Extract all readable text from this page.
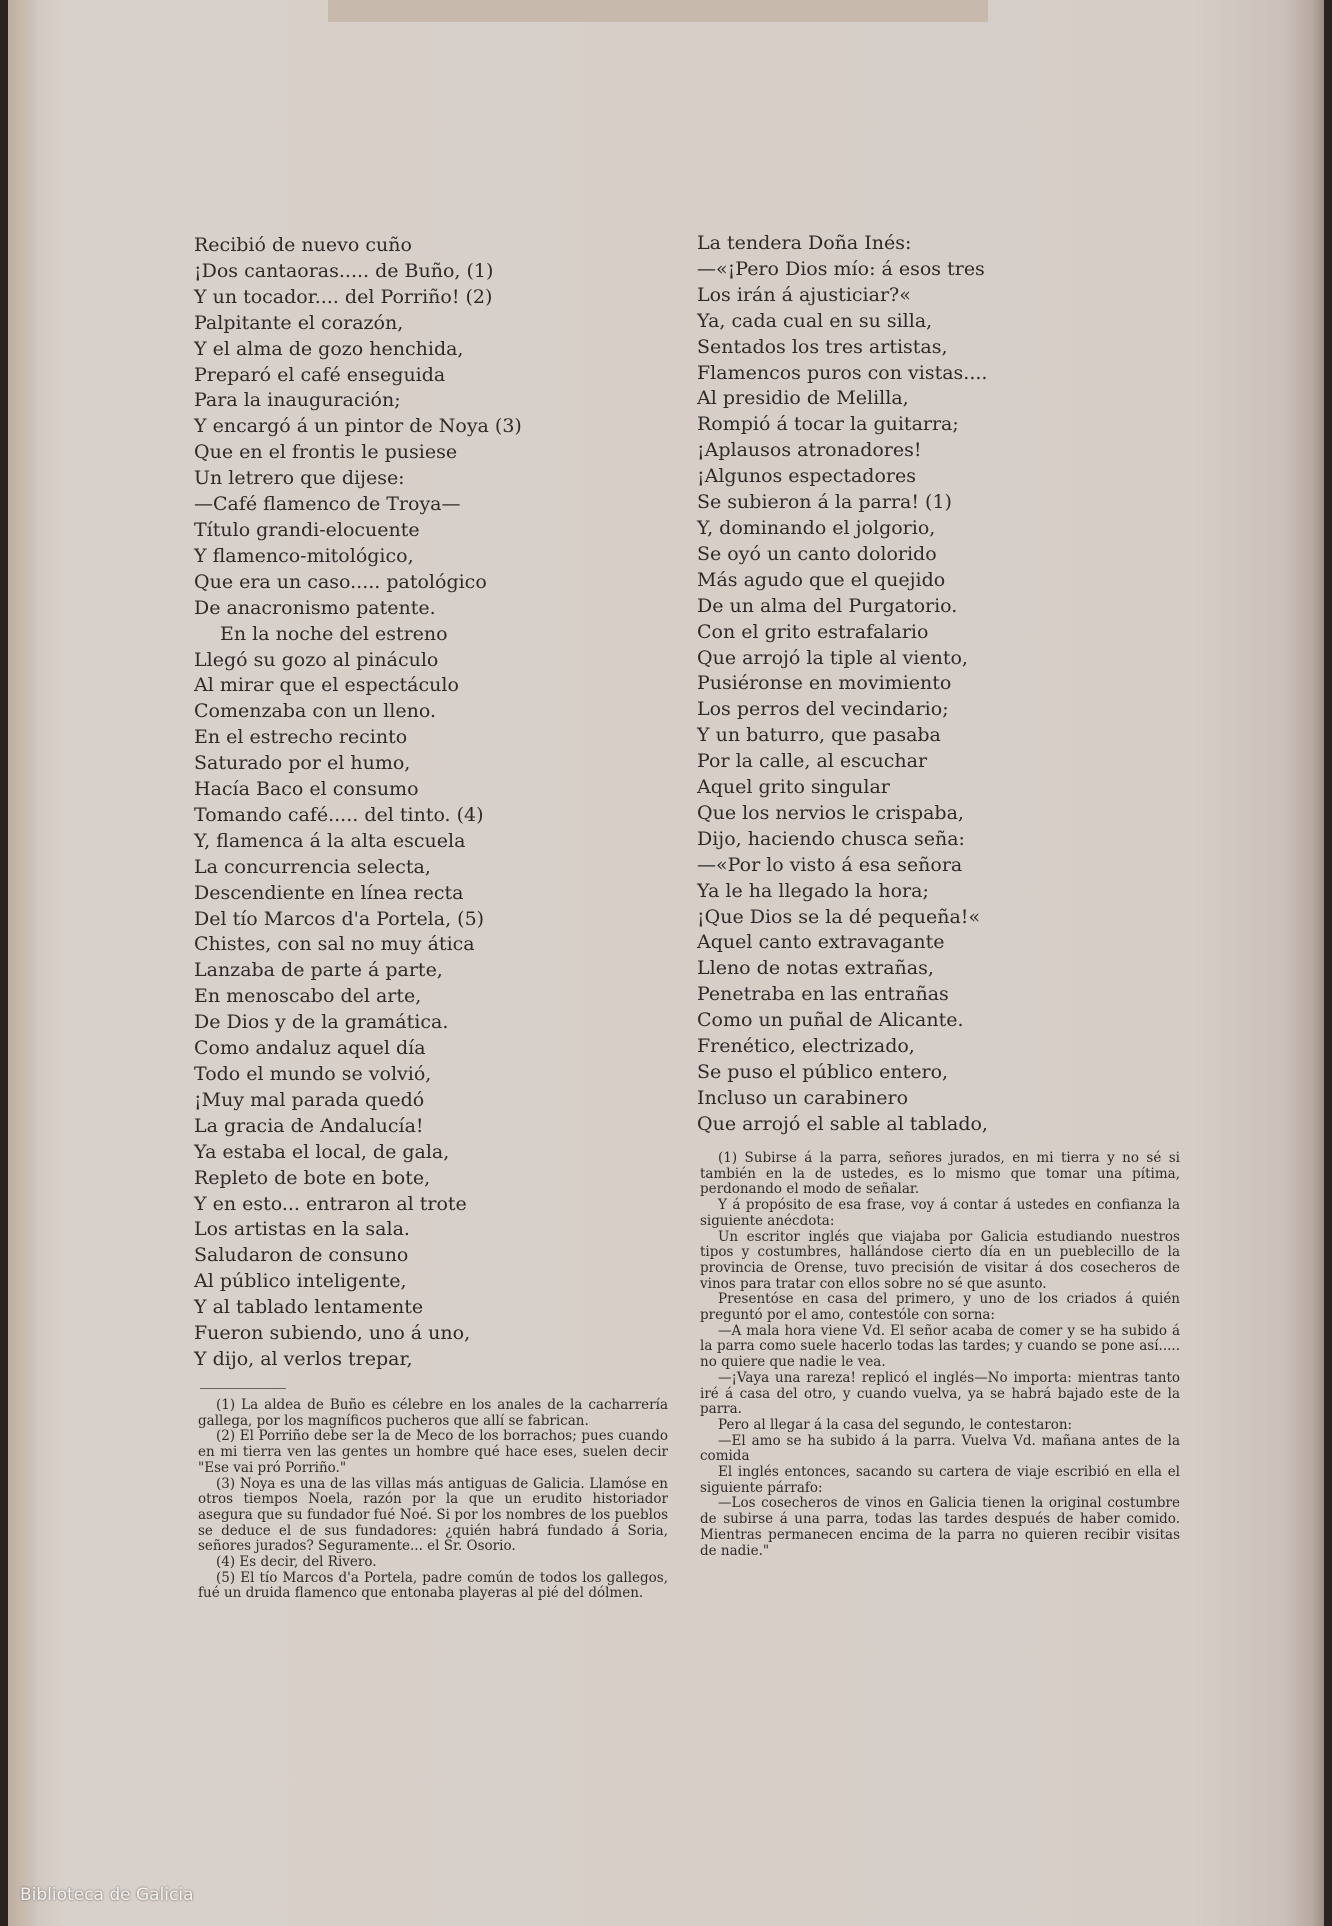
Recibió de nuevo cuño
¡Dos cantaoras..... de Buño, (1)
Y un tocador.... del Porriño! (2)
Palpitante el corazón,
Y el alma de gozo henchida,
Preparó el café enseguida
Para la inauguración;
Y encargó á un pintor de Noya (3)
Que en el frontis le pusiese
Un letrero que dijese:
—Café flamenco de Troya—
Título grandi-elocuente
Y flamenco-mitológico,
Que era un caso..... patológico
De anacronismo patente.
En la noche del estreno
Llegó su gozo al pináculo
Al mirar que el espectáculo
Comenzaba con un lleno.
En el estrecho recinto
Saturado por el humo,
Hacía Baco el consumo
Tomando café..... del tinto. (4)
Y, flamenca á la alta escuela
La concurrencia selecta,
Descendiente en línea recta
Del tío Marcos d'a Portela, (5)
Chistes, con sal no muy ática
Lanzaba de parte á parte,
En menoscabo del arte,
De Dios y de la gramática.
Como andaluz aquel día
Todo el mundo se volvió,
¡Muy mal parada quedó
La gracia de Andalucía!
Ya estaba el local, de gala,
Repleto de bote en bote,
Y en esto... entraron al trote
Los artistas en la sala.
Saludaron de consuno
Al público inteligente,
Y al tablado lentamente
Fueron subiendo, uno á uno,
Y dijo, al verlos trepar,
La tendera Doña Inés:
—«¡Pero Dios mío: á esos tres
Los irán á ajusticiar?«
Ya, cada cual en su silla,
Sentados los tres artistas,
Flamencos puros con vistas....
Al presidio de Melilla,
Rompió á tocar la guitarra;
¡Aplausos atronadores!
¡Algunos espectadores
Se subieron á la parra! (1)
Y, dominando el jolgorio,
Se oyó un canto dolorido
Más agudo que el quejido
De un alma del Purgatorio.
Con el grito estrafalario
Que arrojó la tiple al viento,
Pusiéronse en movimiento
Los perros del vecindario;
Y un baturro, que pasaba
Por la calle, al escuchar
Aquel grito singular
Que los nervios le crispaba,
Dijo, haciendo chusca seña:
—«Por lo visto á esa señora
Ya le ha llegado la hora;
¡Que Dios se la dé pequeña!«
Aquel canto extravagante
Lleno de notas extrañas,
Penetraba en las entrañas
Como un puñal de Alicante.
Frenético, electrizado,
Se puso el público entero,
Incluso un carabinero
Que arrojó el sable al tablado,

(1) La aldea de Buño es célebre en los anales de la cacharrería gallega, por los magníficos pucheros que allí se fabrican.

(2) El Porriño debe ser la de Meco de los borrachos; pues cuando en mi tierra ven las gentes un hombre qué hace eses, suelen decir "Ese vai pró Porriño."

(3) Noya es una de las villas más antiguas de Galicia. Llamóse en otros tiempos Noela, razón por la que un erudito historiador asegura que su fundador fué Noé. Si por los nombres de los pueblos se deduce el de sus fundadores: ¿quién habrá fundado á Soria, señores jurados? Seguramente... el Sr. Osorio.

(4) Es decir, del Rivero.

(5) El tío Marcos d'a Portela, padre común de todos los gallegos, fué un druida flamenco que entonaba playeras al pié del dólmen.

(1) Subirse á la parra, señores jurados, en mi tierra y no sé si también en la de ustedes, es lo mismo que tomar una pítima, perdonando el modo de señalar.

Y á propósito de esa frase, voy á contar á ustedes en confianza la siguiente anécdota:

Un escritor inglés que viajaba por Galicia estudiando nuestros tipos y costumbres, hallándose cierto día en un pueblecillo de la provincia de Orense, tuvo precisión de visitar á dos cosecheros de vinos para tratar con ellos sobre no sé que asunto.

Presentóse en casa del primero, y uno de los criados á quién preguntó por el amo, contestóle con sorna:

—A mala hora viene Vd. El señor acaba de comer y se ha subido á la parra como suele hacerlo todas las tardes; y cuando se pone así..... no quiere que nadie le vea.

—¡Vaya una rareza! replicó el inglés—No importa: mientras tanto iré á casa del otro, y cuando vuelva, ya se habrá bajado este de la parra.

Pero al llegar á la casa del segundo, le contestaron:

—El amo se ha subido á la parra. Vuelva Vd. mañana antes de la comida

El inglés entonces, sacando su cartera de viaje escribió en ella el siguiente párrafo:

—Los cosecheros de vinos en Galicia tienen la original costumbre de subirse á una parra, todas las tardes después de haber comido. Mientras permanecen encima de la parra no quieren recibir visitas de nadie."

Biblioteca de Galicia
